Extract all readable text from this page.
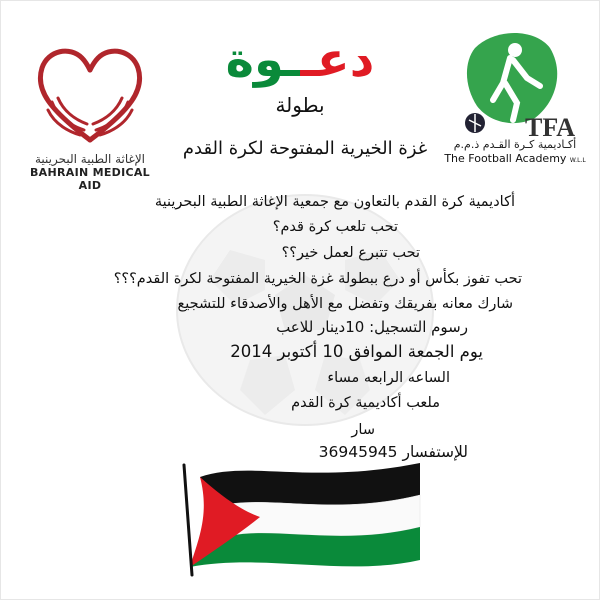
الإغاثة الطبية البحرينية
BAHRAIN MEDICAL AID
دعــوة
بطولة
غزة الخيرية المفتوحة لكرة القدم
TFA
أكـاديمية كـرة القـدم ذ.م.م
The Football Academy W.L.L
أكاديمية كرة القدم بالتعاون مع جمعية الإغاثة الطبية البحرينية
تحب تلعب كرة قدم؟
تحب تتبرع لعمل خير؟؟
تحب تفوز بكأس أو درع ببطولة غزة الخيرية المفتوحة لكرة القدم؟؟؟
شارك معانه بفريقك وتفضل مع الأهل والأصدقاء للتشجيع
رسوم التسجيل: 10دينار للاعب
يوم الجمعة الموافق 10 أكتوبر 2014
الساعه الرابعه مساء
ملعب أكاديمية كرة القدم
سار
للإستفسار 36945945
